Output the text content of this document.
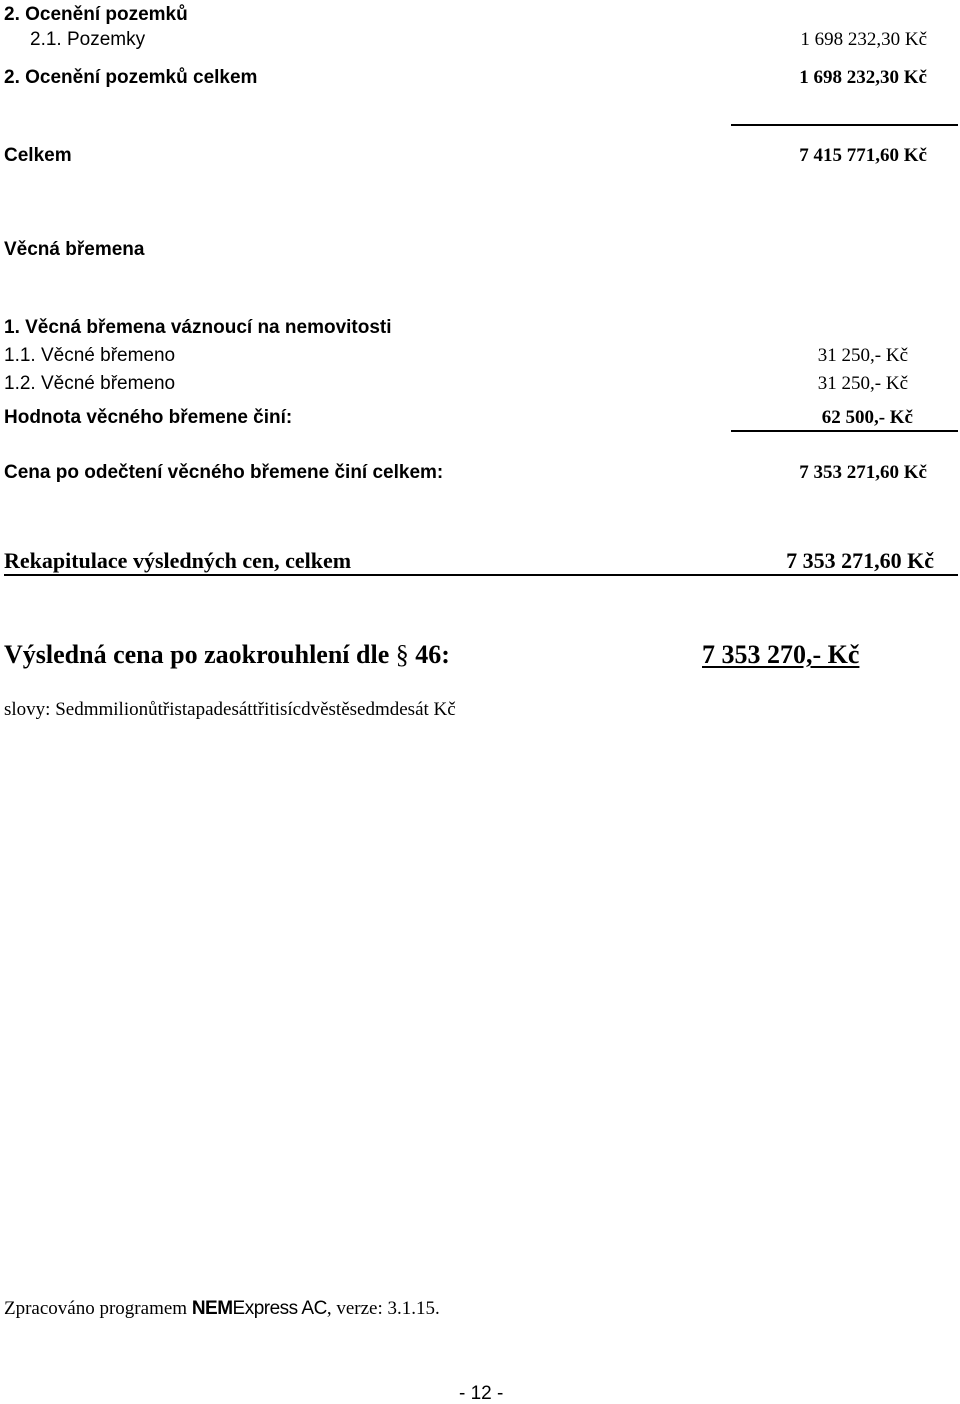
2. Ocenění pozemků
2.1. Pozemky	1 698 232,30 Kč
2. Ocenění pozemků celkem	1 698 232,30 Kč
Celkem	7 415 771,60 Kč
Věcná břemena
1. Věcná břemena váznoucí na nemovitosti
1.1. Věcné břemeno	31 250,- Kč
1.2. Věcné břemeno	31 250,- Kč
Hodnota věcného břemene činí:	62 500,- Kč
Cena po odečtení věcného břemene činí celkem:	7 353 271,60 Kč
Rekapitulace výsledných cen, celkem	7 353 271,60 Kč
Výsledná cena po zaokrouhlení dle § 46:	7 353 270,- Kč
slovy: Sedmmilionůtřistapadesáttřitisícdvěstěsedmdesát Kč
Zpracováno programem NEMExpress AC, verze: 3.1.15.
- 12 -
